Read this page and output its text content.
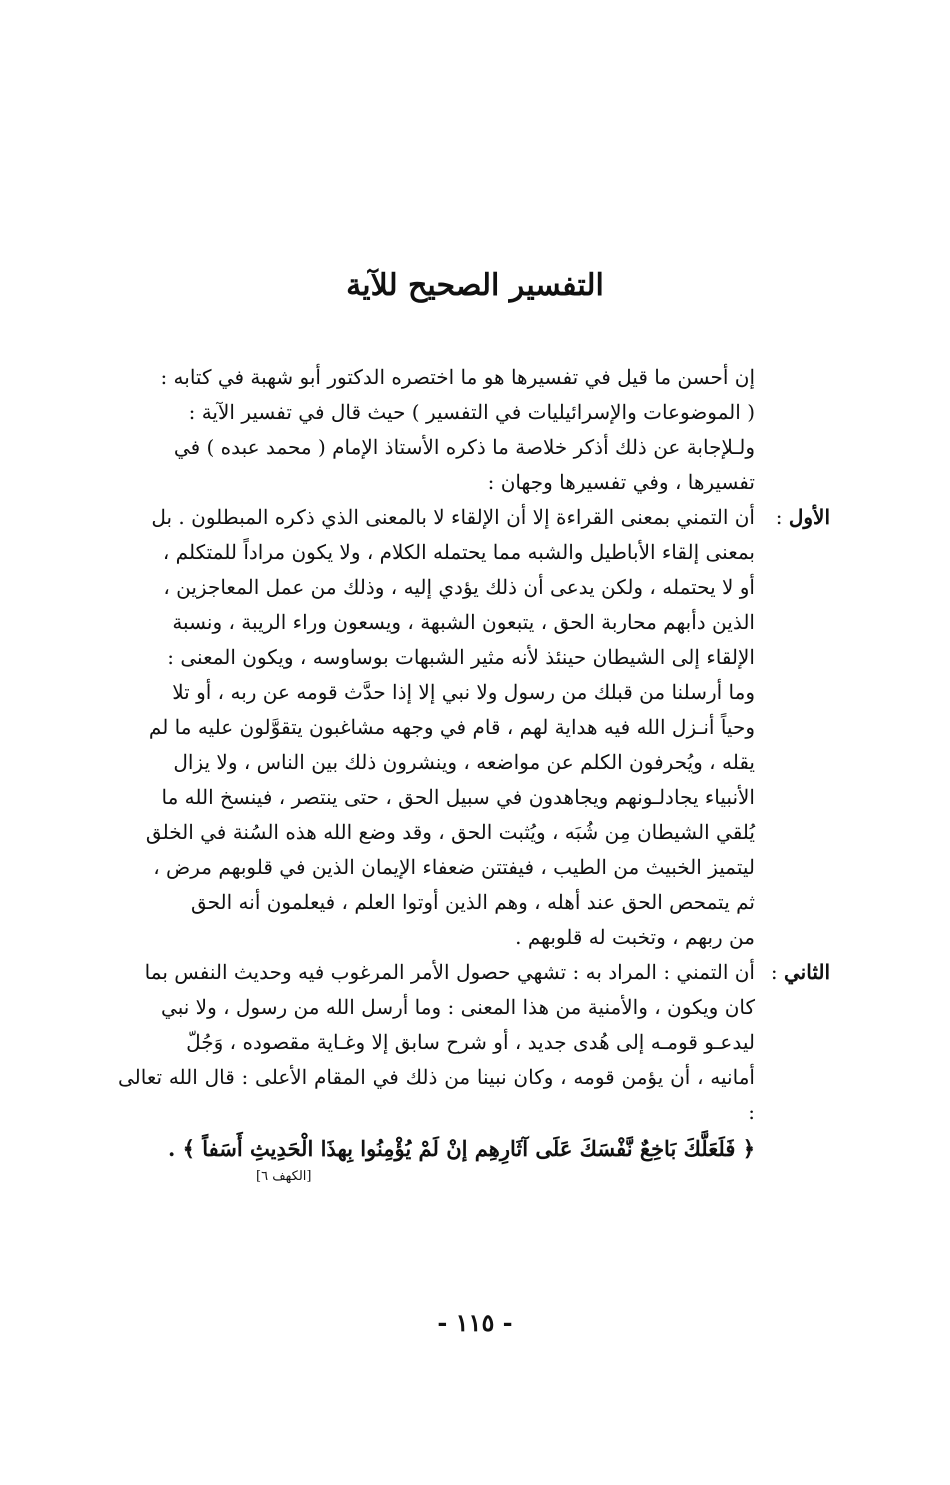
التفسير الصحيح للآية

إن أحسن ما قيل في تفسيرها هو ما اختصره الدكتور أبو شهبة في كتابه :

( الموضوعات والإسرائيليات في التفسير ) حيث قال في تفسير الآية :

ولـلإجابة عن ذلك أذكر خلاصة ما ذكره الأستاذ الإمام ( محمد عبده ) في

تفسيرها ، وفي تفسيرها وجهان :

الأول :
أن التمني بمعنى القراءة إلا أن الإلقاء لا بالمعنى الذي ذكره المبطلون . بل
بمعنى إلقاء الأباطيل والشبه مما يحتمله الكلام ، ولا يكون مراداً للمتكلم ،
أو لا يحتمله ، ولكن يدعى أن ذلك يؤدي إليه ، وذلك من عمل المعاجزين ،
الذين دأبهم محاربة الحق ، يتبعون الشبهة ، ويسعون وراء الريبة ، ونسبة
الإلقاء إلى الشيطان حينئذ لأنه مثير الشبهات بوساوسه ، ويكون المعنى :
وما أرسلنا من قبلك من رسول ولا نبي إلا إذا حدَّث قومه عن ربه ، أو تلا
وحياً أنـزل الله فيه هداية لهم ، قام في وجهه مشاغبون يتقوَّلون عليه ما لم
يقله ، ويُحرفون الكلم عن مواضعه ، وينشرون ذلك بين الناس ، ولا يزال
الأنبياء يجادلـونهم ويجاهدون في سبيل الحق ، حتى ينتصر ، فينسخ الله ما
يُلقي الشيطان مِن شُبَه ، ويُثبت الحق ، وقد وضع الله هذه السُنة في الخلق
ليتميز الخبيث من الطيب ، فيفتتن ضعفاء الإيمان الذين في قلوبهم مرض ،
ثم يتمحص الحق عند أهله ، وهم الذين أوتوا العلم ، فيعلمون أنه الحق
من ربهم ، وتخبت له قلوبهم .
الثاني :
أن التمني : المراد به : تشهي حصول الأمر المرغوب فيه وحديث النفس بما
كان ويكون ، والأمنية من هذا المعنى : وما أرسل الله من رسول ، ولا نبي
ليدعـو قومـه إلى هُدى جديد ، أو شرح سابق إلا وغـاية مقصوده ، وَجُلّ
أمانيه ، أن يؤمن قومه ، وكان نبينا من ذلك في المقام الأعلى : قال الله تعالى :

﴿ فَلَعَلَّكَ بَاخِعٌ نَّفْسَكَ عَلَى آثَارِهِم إنْ لَمْ يُؤْمِنُوا بِهذَا الْحَدِيثِ أَسَفاً ﴾ .

[الكهف ٦]

- ١١٥ -
